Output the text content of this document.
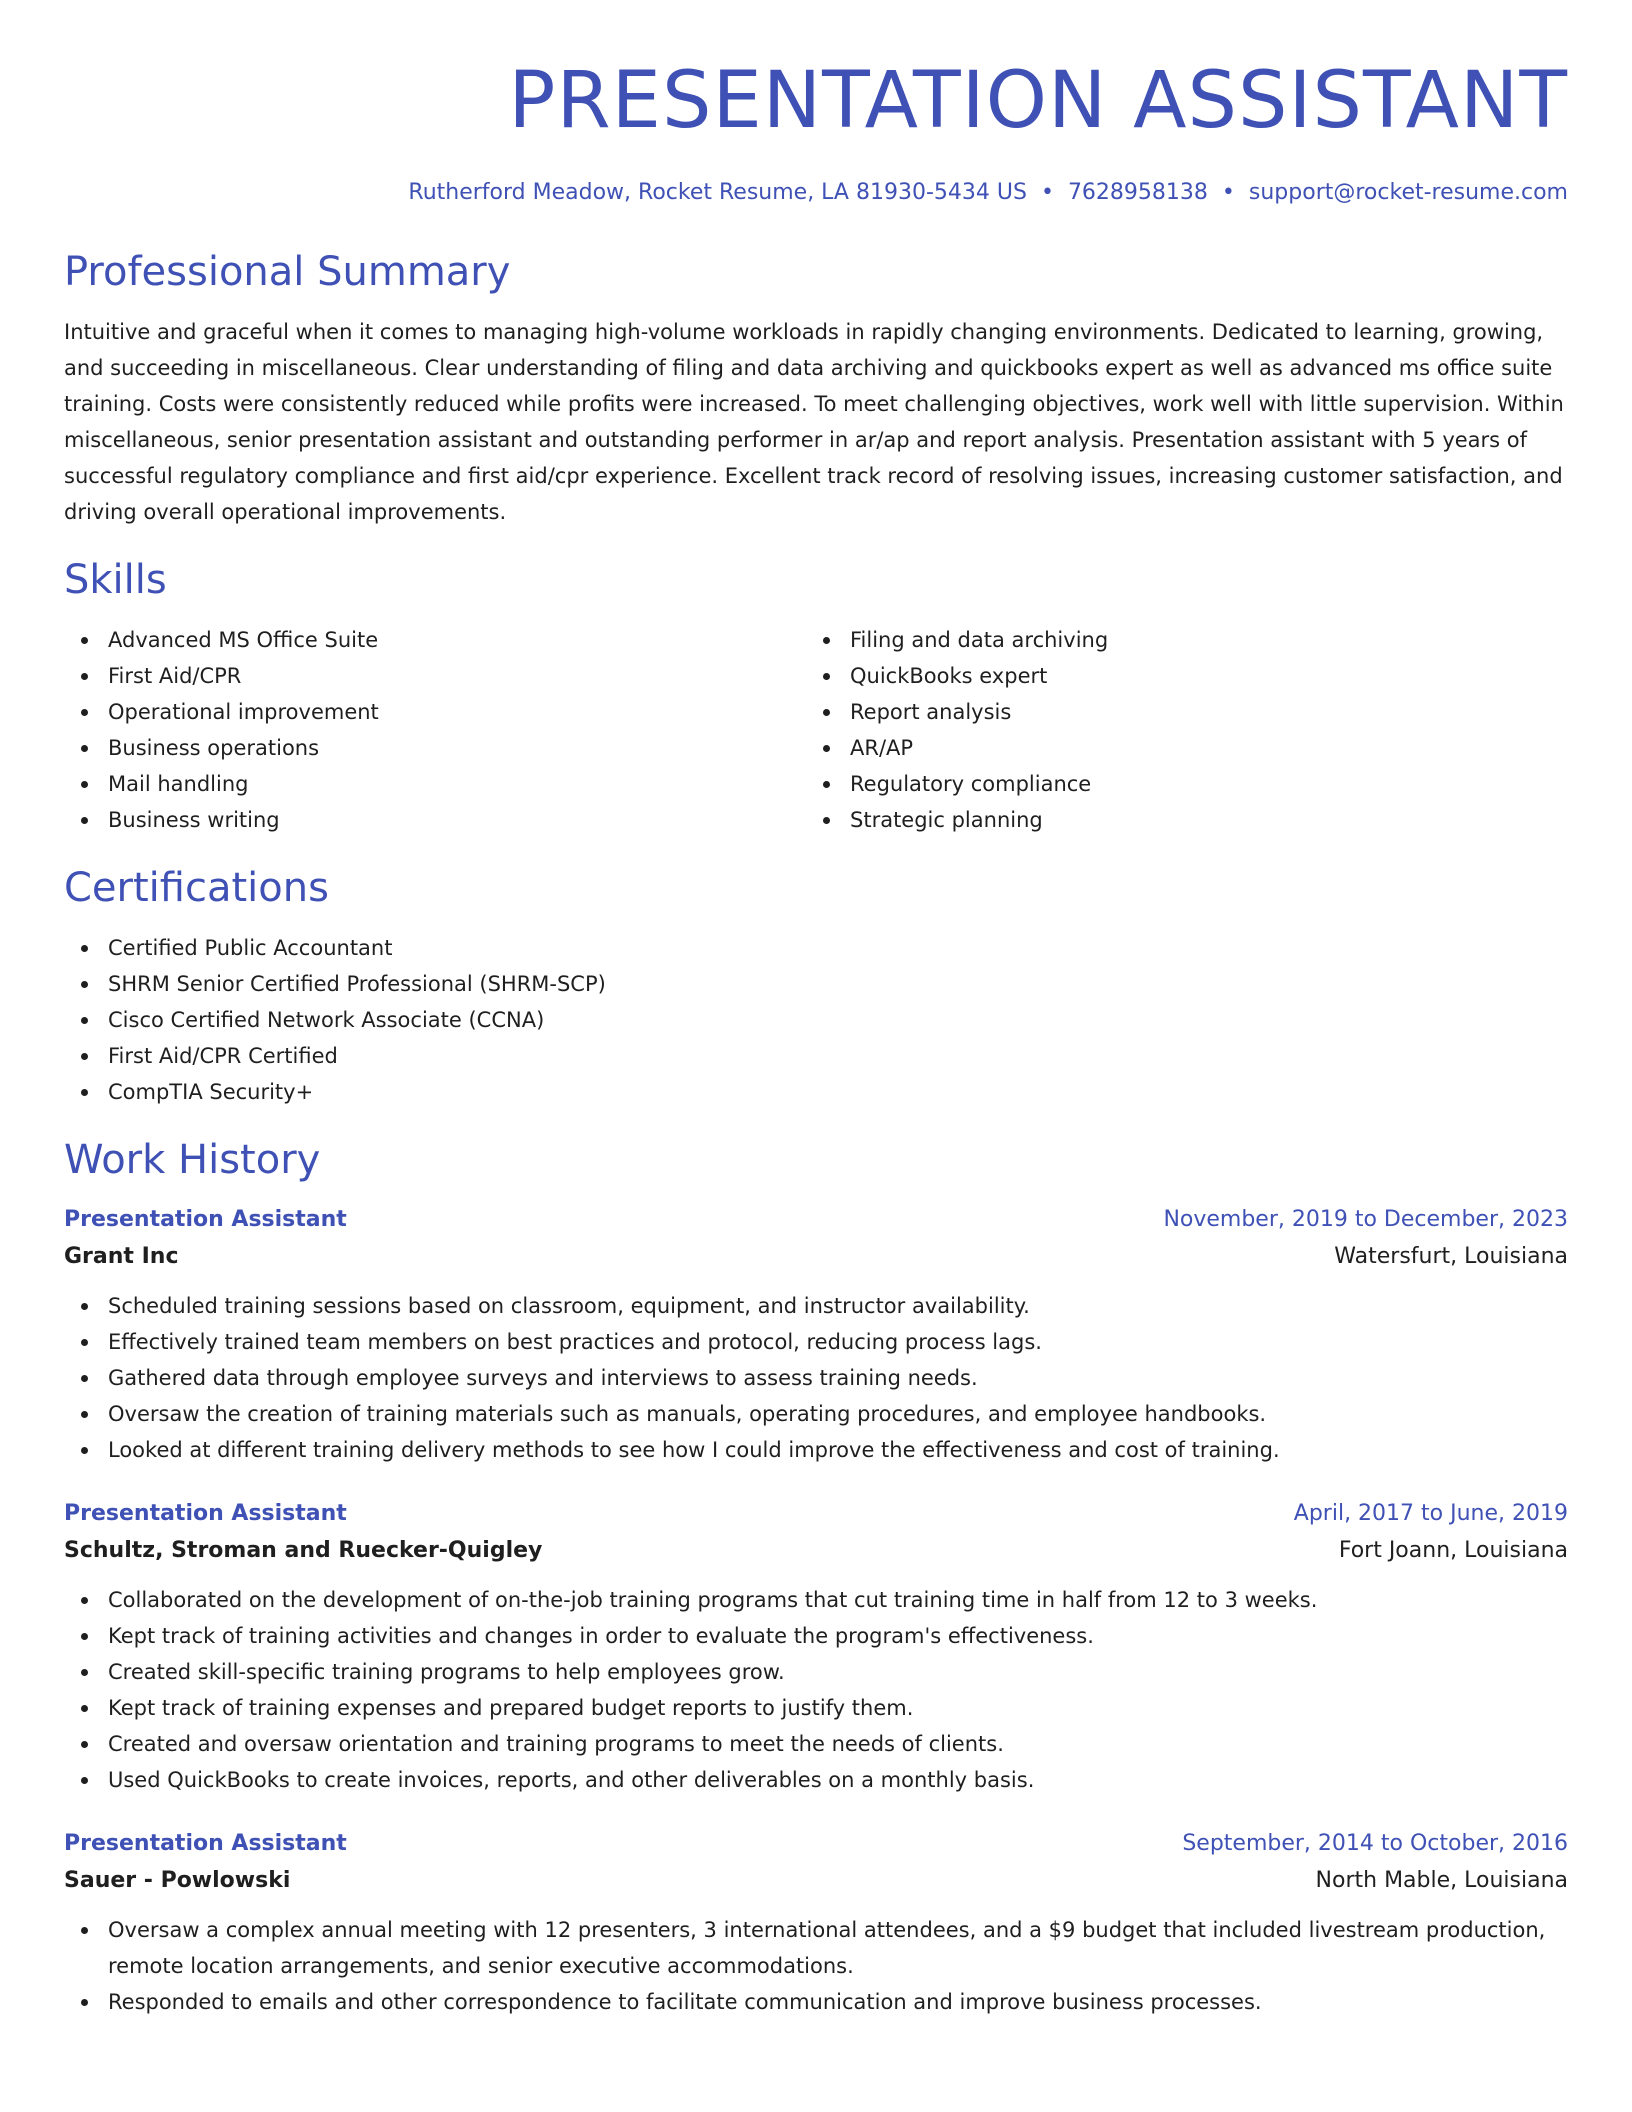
PRESENTATION ASSISTANT
Rutherford Meadow, Rocket Resume, LA 81930-5434 US • 7628958138 • support@rocket-resume.com
Professional Summary

Intuitive and graceful when it comes to managing high-volume workloads in rapidly changing environments. Dedicated to learning, growing, and succeeding in miscellaneous. Clear understanding of filing and data archiving and quickbooks expert as well as advanced ms office suite training. Costs were consistently reduced while profits were increased. To meet challenging objectives, work well with little supervision. Within miscellaneous, senior presentation assistant and outstanding performer in ar/ap and report analysis. Presentation assistant with 5 years of successful regulatory compliance and first aid/cpr experience. Excellent track record of resolving issues, increasing customer satisfaction, and driving overall operational improvements.

Skills
Advanced MS Office Suite
First Aid/CPR
Operational improvement
Business operations
Mail handling
Business writing
Filing and data archiving
QuickBooks expert
Report analysis
AR/AP
Regulatory compliance
Strategic planning
Certifications
Certified Public Accountant
SHRM Senior Certified Professional (SHRM-SCP)
Cisco Certified Network Associate (CCNA)
First Aid/CPR Certified
CompTIA Security+
Work History
Presentation Assistant	November, 2019 to December, 2023
Grant Inc	Watersfurt, Louisiana
Scheduled training sessions based on classroom, equipment, and instructor availability.
Effectively trained team members on best practices and protocol, reducing process lags.
Gathered data through employee surveys and interviews to assess training needs.
Oversaw the creation of training materials such as manuals, operating procedures, and employee handbooks.
Looked at different training delivery methods to see how I could improve the effectiveness and cost of training.
Presentation Assistant	April, 2017 to June, 2019
Schultz, Stroman and Ruecker-Quigley	Fort Joann, Louisiana
Collaborated on the development of on-the-job training programs that cut training time in half from 12 to 3 weeks.
Kept track of training activities and changes in order to evaluate the program's effectiveness.
Created skill-specific training programs to help employees grow.
Kept track of training expenses and prepared budget reports to justify them.
Created and oversaw orientation and training programs to meet the needs of clients.
Used QuickBooks to create invoices, reports, and other deliverables on a monthly basis.
Presentation Assistant	September, 2014 to October, 2016
Sauer - Powlowski	North Mable, Louisiana
Oversaw a complex annual meeting with 12 presenters, 3 international attendees, and a $9 budget that included livestream production, remote location arrangements, and senior executive accommodations.
Responded to emails and other correspondence to facilitate communication and improve business processes.
